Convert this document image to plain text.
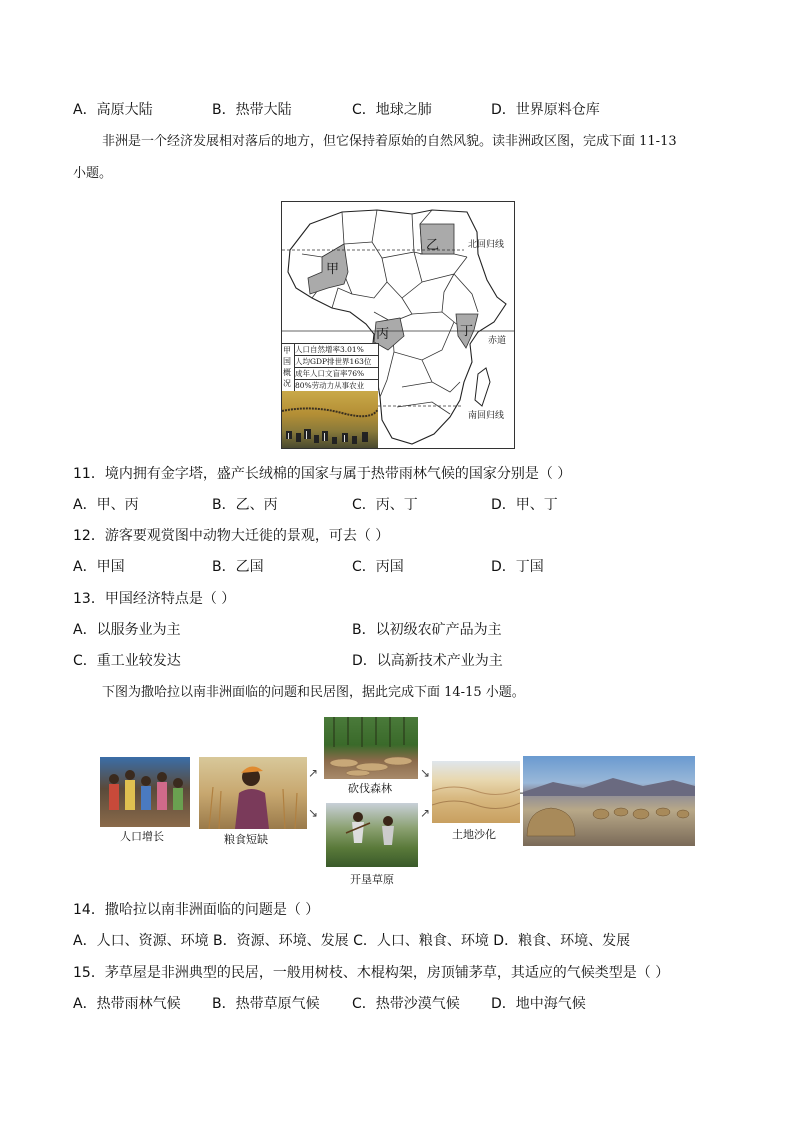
A．高原大陆	B．热带大陆	C．地球之肺	D．世界原料仓库
非洲是一个经济发展相对落后的地方，但它保持着原始的自然风貌。读非洲政区图，完成下面 11-13
小题。
乙
甲
丙	丁
北回归线
赤道
南回归线
甲
国
概
况
人口自然增率3.01%
人均GDP排世界163位
成年人口文盲率76%
80%劳动力从事农业
11．境内拥有金字塔，盛产长绒棉的国家与属于热带雨林气候的国家分别是（ ）
A．甲、丙	B．乙、丙	C．丙、丁	D．甲、丁
12．游客要观赏图中动物大迁徙的景观，可去（ ）
A．甲国	B．乙国	C．丙国	D．丁国
13．甲国经济特点是（ ）
A．以服务业为主	B．以初级农矿产品为主
C．重工业较发达	D．以高新技术产业为主
下图为撒哈拉以南非洲面临的问题和民居图，据此完成下面 14-15 小题。
人口增长	粮食短缺
↗
↘
↘
↗
砍伐森林
开垦草原
土地沙化
14．撒哈拉以南非洲面临的问题是（ ）
A．人口、资源、环境 B．资源、环境、发展 C．人口、粮食、环境 D．粮食、环境、发展
15．茅草屋是非洲典型的民居，一般用树枝、木棍构架，房顶铺茅草，其适应的气候类型是（ ）
A．热带雨林气候 B．热带草原气候 C．热带沙漠气候 D．地中海气候
